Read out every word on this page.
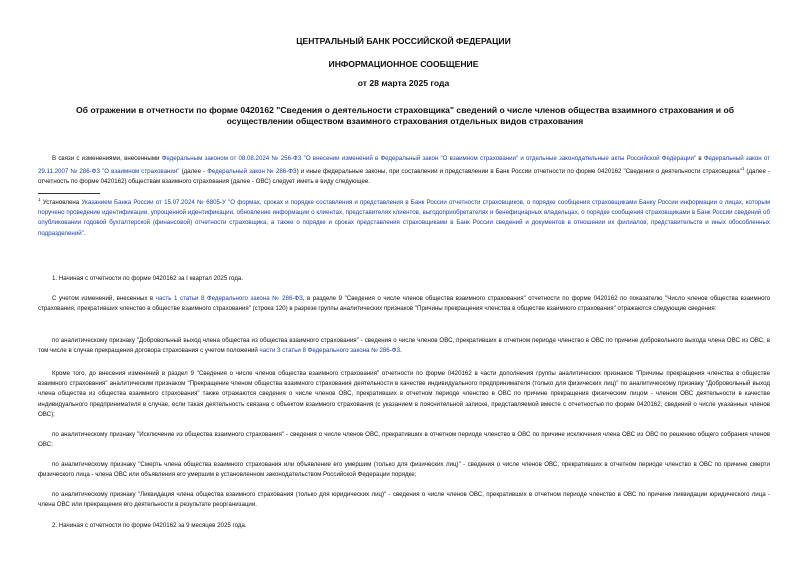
ЦЕНТРАЛЬНЫЙ БАНК РОССИЙСКОЙ ФЕДЕРАЦИИ
ИНФОРМАЦИОННОЕ СООБЩЕНИЕ
от 28 марта 2025 года
Об отражении в отчетности по форме 0420162 "Сведения о деятельности страховщика" сведений о числе членов общества взаимного страхования и об осуществлении обществом взаимного страхования отдельных видов страхования

В связи с изменениями, внесенными Федеральным законом от 08.08.2024 № 256-ФЗ "О внесении изменений в Федеральный закон "О взаимном страховании" и отдельные законодательные акты Российской Федерации" в Федеральный закон от 29.11.2007 № 286-ФЗ "О взаимном страховании" (далее - Федеральный закон № 286-ФЗ) и иные федеральные законы, при составлении и представлении в Банк России отчетности по форме 0420162 "Сведения о деятельности страховщика"$^1$ (далее - отчетность по форме 0420162) обществам взаимного страхования (далее - ОВС) следует иметь в виду следующее.

$^1$ Установлена Указанием Банка России от 15.07.2024 № 6805-У "О формах, сроках и порядке составления и представления в Банк России отчетности страховщиков, о порядке сообщения страховщиками Банку России информации о лицах, которым поручено проведение идентификации, упрощенной идентификации, обновление информации о клиентах, представителях клиентов, выгодоприобретателях и бенефициарных владельцах, о порядке сообщения страховщиками в Банк России сведений об опубликовании годовой бухгалтерской (финансовой) отчетности страховщика, а также о порядке и сроках представления страховщиками в Банк России сведений и документов в отношении их филиалов, представительств и иных обособленных подразделений".

1. Начиная с отчетности по форме 0420162 за I квартал 2025 года.

С учетом изменений, внесенных в часть 1 статьи 8 Федерального закона № 286-ФЗ, в разделе 9 "Сведения о числе членов общества взаимного страхования" отчетности по форме 0420162 по показателю "Число членов общества взаимного страхования, прекративших членство в обществе взаимного страхования" (строка 120) в разрезе группы аналитических признаков "Причины прекращения членства в обществе взаимного страхования" отражаются следующие сведения:

по аналитическому признаку "Добровольный выход члена общества из общества взаимного страхования" - сведения о числе членов ОВС, прекративших в отчетном периоде членство в ОВС по причине добровольного выхода члена ОВС из ОВС, в том числе в случае прекращения договора страхования с учетом положений части 3 статьи 8 Федерального закона № 286-ФЗ.

Кроме того, до внесения изменений в раздел 9 "Сведения о числе членов общества взаимного страхования" отчетности по форме 0420162 в части дополнения группы аналитических признаков "Причины прекращения членства в обществе взаимного страхования" аналитическим признаком "Прекращение членом общества взаимного страхования деятельности в качестве индивидуального предпринимателя (только для физических лиц)" по аналитическому признаку "Добровольный выход члена общества из общества взаимного страхования" также отражаются сведения о числе членов ОВС, прекративших в отчетном периоде членство в ОВС по причине прекращения физическим лицом - членом ОВС деятельности в качестве индивидуального предпринимателя в случае, если такая деятельность связана с объектом взаимного страхования (с указанием в пояснительной записке, представляемой вместе с отчетностью по форме 0420162, сведений о числе указанных членов ОВС);

по аналитическому признаку "Исключение из общества взаимного страхования" - сведения о числе членов ОВС, прекративших в отчетном периоде членство в ОВС по причине исключения члена ОВС из ОВС по решению общего собрания членов ОВС;

по аналитическому признаку "Смерть члена общества взаимного страхования или объявление его умершим (только для физических лиц)" - сведения о числе членов ОВС, прекративших в отчетном периоде членство в ОВС по причине смерти физического лица - члена ОВС или объявления его умершим в установленном законодательством Российской Федерации порядке;

по аналитическому признаку "Ликвидация члена общества взаимного страхования (только для юридических лиц)" - сведения о числе членов ОВС, прекративших в отчетном периоде членство в ОВС по причине ликвидации юридического лица - члена ОВС или прекращения его деятельности в результате реорганизации.

2. Начиная с отчетности по форме 0420162 за 9 месяцев 2025 года.
